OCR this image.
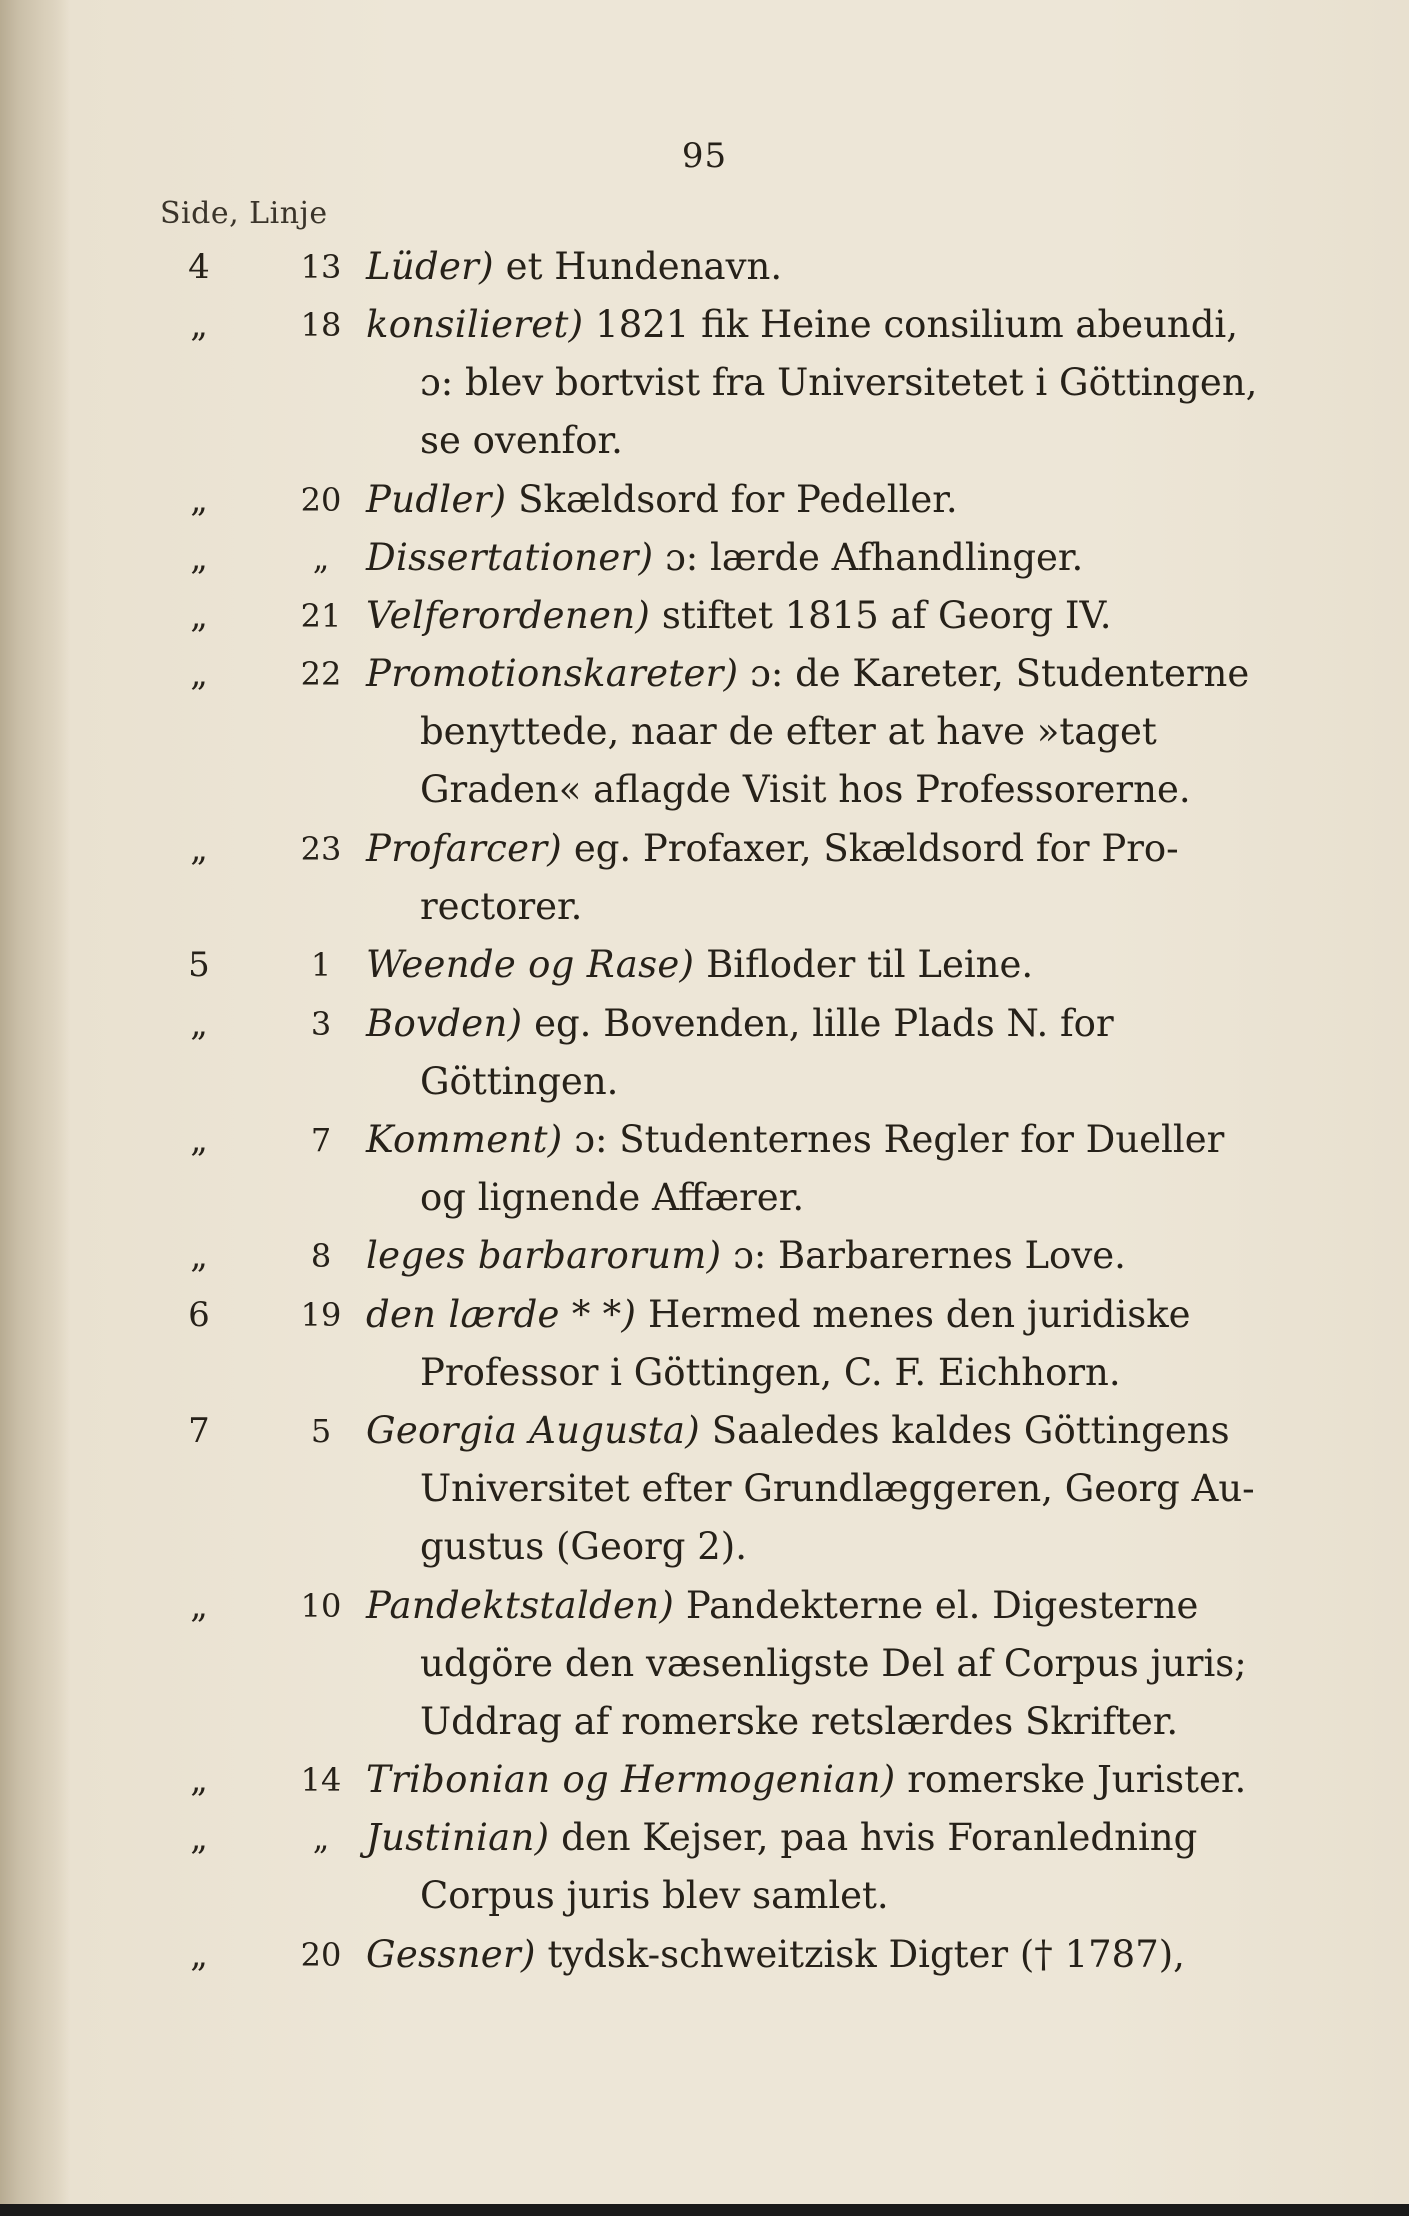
95
Side, Linje
4	13 Lüder) et Hundenavn.
„	18 konsilieret) 1821 fik Heine consilium abeundi,
ɔ: blev bortvist fra Universitetet i Göttingen,
se ovenfor.
„	20 Pudler) Skældsord for Pedeller.
„	„ Dissertationer) ɔ: lærde Afhandlinger.
„	21 Velferordenen) stiftet 1815 af Georg IV.
„	22 Promotionskareter) ɔ: de Kareter, Studenterne
benyttede, naar de efter at have »taget
Graden« aflagde Visit hos Professorerne.
„	23 Profarcer) eg. Profaxer, Skældsord for Pro-
rectorer.
5	1 Weende og Rase) Bifloder til Leine.
„	3 Bovden) eg. Bovenden, lille Plads N. for
Göttingen.
„	7 Komment) ɔ: Studenternes Regler for Dueller
og lignende Affærer.
„	8 leges barbarorum) ɔ: Barbarernes Love.
6	19 den lærde * *) Hermed menes den juridiske
Professor i Göttingen, C. F. Eichhorn.
7	5 Georgia Augusta) Saaledes kaldes Göttingens
Universitet efter Grundlæggeren, Georg Au-
gustus (Georg 2).
„	10 Pandektstalden) Pandekterne el. Digesterne
udgöre den væsenligste Del af Corpus juris;
Uddrag af romerske retslærdes Skrifter.
„	14 Tribonian og Hermogenian) romerske Jurister.
„	„ Justinian) den Kejser, paa hvis Foranledning
Corpus juris blev samlet.
„	20 Gessner) tydsk-schweitzisk Digter († 1787),
